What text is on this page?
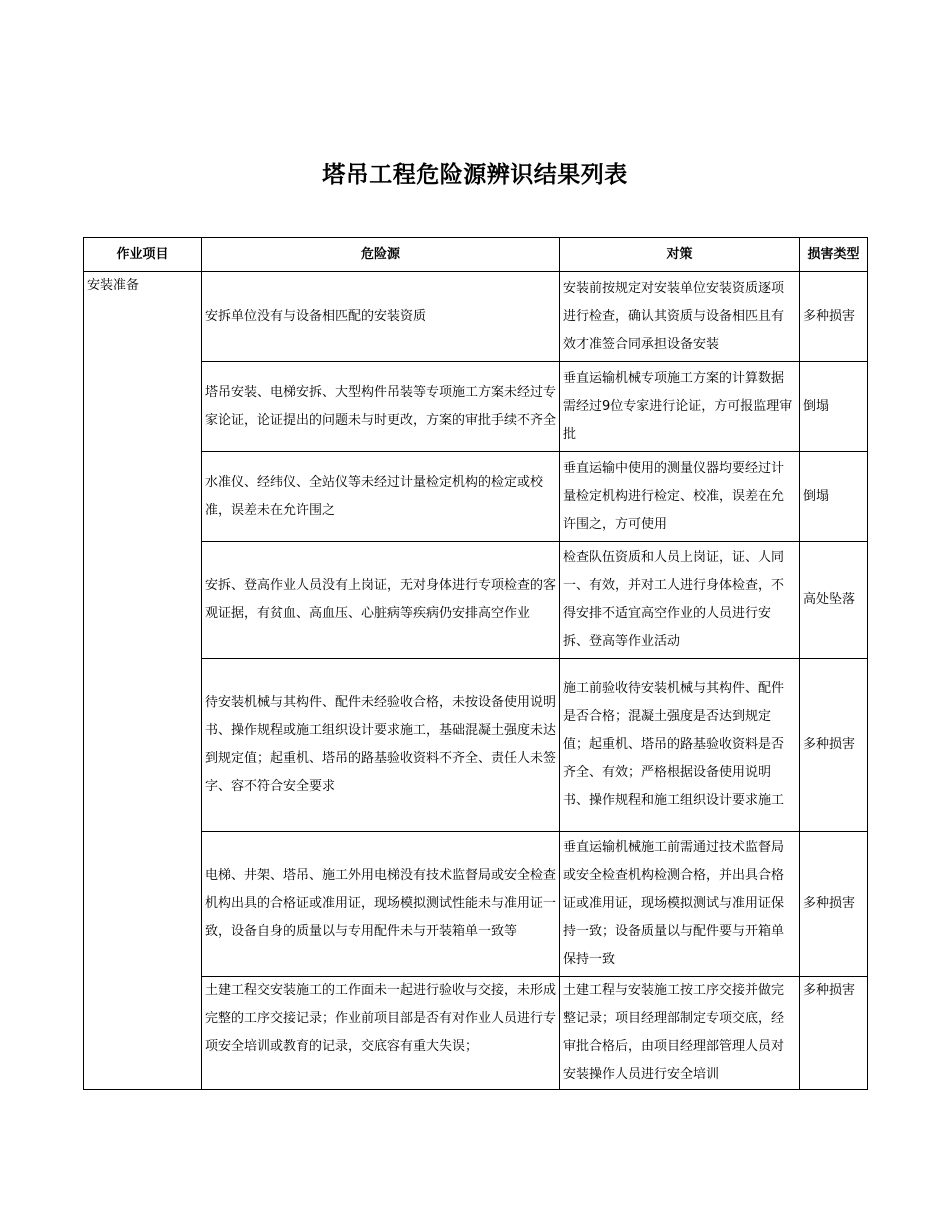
塔吊工程危险源辨识结果列表
作业项目	危险源	对策	损害类型
安装准备	安拆单位没有与设备相匹配的安装资质	安装前按规定对安装单位安装资质逐项进行检查，确认其资质与设备相匹且有效才准签合同承担设备安装	多种损害
	塔吊安装、电梯安拆、大型构件吊装等专项施工方案未经过专家论证，论证提出的问题未与时更改，方案的审批手续不齐全	垂直运输机械专项施工方案的计算数据需经过9位专家进行论证，方可报监理审批	倒塌
	水准仪、经纬仪、全站仪等未经过计量检定机构的检定或校准，误差未在允许围之	垂直运输中使用的测量仪器均要经过计量检定机构进行检定、校准，误差在允许围之，方可使用	倒塌
	安拆、登高作业人员没有上岗证，无对身体进行专项检查的客观证据，有贫血、高血压、心脏病等疾病仍安排高空作业	检查队伍资质和人员上岗证，证、人同一、有效，并对工人进行身体检查，不得安排不适宜高空作业的人员进行安拆、登高等作业活动	高处坠落
	待安装机械与其构件、配件未经验收合格，未按设备使用说明书、操作规程或施工组织设计要求施工，基础混凝土强度未达到规定值；起重机、塔吊的路基验收资料不齐全、责任人未签字、容不符合安全要求	施工前验收待安装机械与其构件、配件是否合格；混凝土强度是否达到规定值；起重机、塔吊的路基验收资料是否齐全、有效；严格根据设备使用说明书、操作规程和施工组织设计要求施工	多种损害
	电梯、井架、塔吊、施工外用电梯没有技术监督局或安全检查机构出具的合格证或准用证，现场模拟测试性能未与准用证一致，设备自身的质量以与专用配件未与开装箱单一致等	垂直运输机械施工前需通过技术监督局或安全检查机构检测合格，并出具合格证或准用证，现场模拟测试与准用证保持一致；设备质量以与配件要与开箱单保持一致	多种损害
	土建工程交安装施工的工作面未一起进行验收与交接，未形成完整的工序交接记录；作业前项目部是否有对作业人员进行专项安全培训或教育的记录，交底容有重大失误；	土建工程与安装施工按工序交接并做完整记录；项目经理部制定专项交底，经审批合格后，由项目经理部管理人员对安装操作人员进行安全培训	多种损害
